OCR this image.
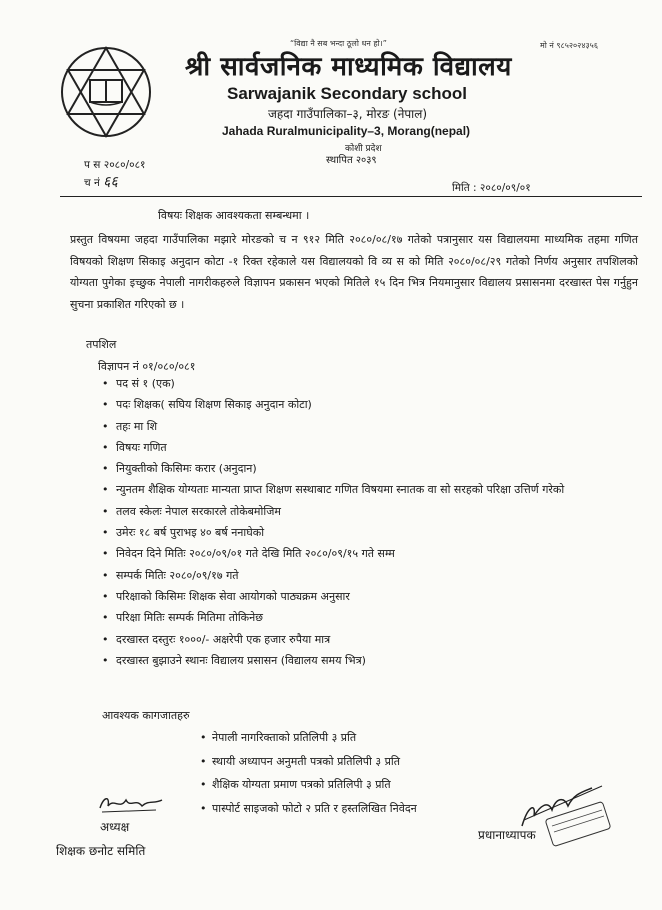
“विद्या नै सब भन्दा ठूलो धन हो।”	मो नं ९८५२०२४३५६
श्री सार्वजनिक माध्यमिक विद्यालय
Sarwajanik Secondary school
जहदा गाउँपालिका–३, मोरङ (नेपाल)
Jahada Ruralmunicipality–3, Morang(nepal)
कोशी प्रदेश
स्थापित २०३९
प स २०८०/०८१
च नं ६६	मिति : २०८०/०९/०१
विषयः शिक्षक आवश्यकता सम्बन्धमा ।
प्रस्तुत विषयमा जहदा गाउँपालिका मझारे मोरङको च न ९१२ मिति २०८०/०८/१७ गतेको पत्रानुसार यस विद्यालयमा माध्यमिक तहमा गणित विषयको शिक्षण सिकाइ अनुदान कोटा -१ रिक्त रहेकाले यस विद्यालयको वि व्य स को मिति २०८०/०८/२९ गतेको निर्णय अनुसार तपशिलको योग्यता पुगेका इच्छुक नेपाली नागरीकहरुले विज्ञापन प्रकासन भएको मितिले १५ दिन भित्र नियमानुसार विद्यालय प्रसासनमा दरखास्त पेस गर्नुहुन सुचना प्रकाशित गरिएको छ ।
तपशिल
विज्ञापन नं ०१/०८०/०८१
• पद सं १ (एक)
• पदः शिक्षक( सघिय शिक्षण सिकाइ अनुदान कोटा)
• तहः मा शि
• विषयः गणित
• नियुक्तीको किसिमः करार (अनुदान)
• न्युनतम शैक्षिक योग्यताः मान्यता प्राप्त शिक्षण सस्थाबाट गणित विषयमा स्नातक वा सो सरहको परिक्षा उत्तिर्ण गरेको
• तलव स्केलः नेपाल सरकारले तोकेबमोजिम
• उमेरः १८ बर्ष पुराभइ ४० बर्ष ननाघेको
• निवेदन दिने मितिः २०८०/०९/०१ गते देखि मिति २०८०/०९/१५ गते सम्म
• सम्पर्क मितिः २०८०/०९/१७ गते
• परिक्षाको किसिमः शिक्षक सेवा आयोगको पाठ्यक्रम अनुसार
• परिक्षा मितिः सम्पर्क मितिमा तोकिनेछ
• दरखास्त दस्तुरः १०००/- अक्षरेपी एक हजार रुपैया मात्र
• दरखास्त बुझाउने स्थानः विद्यालय प्रसासन (विद्यालय समय भित्र)
आवश्यक कागजातहरु
• नेपाली नागरिक्ताको प्रतिलिपी ३ प्रति
• स्थायी अध्यापन अनुमती पत्रको प्रतिलिपी ३ प्रति
• शैक्षिक योग्यता प्रमाण पत्रको प्रतिलिपी ३ प्रति
• पास्पोर्ट साइजको फोटो २ प्रति र हस्तलिखित निवेदन
अध्यक्ष
शिक्षक छनोट समिति
प्रधानाध्यापक
